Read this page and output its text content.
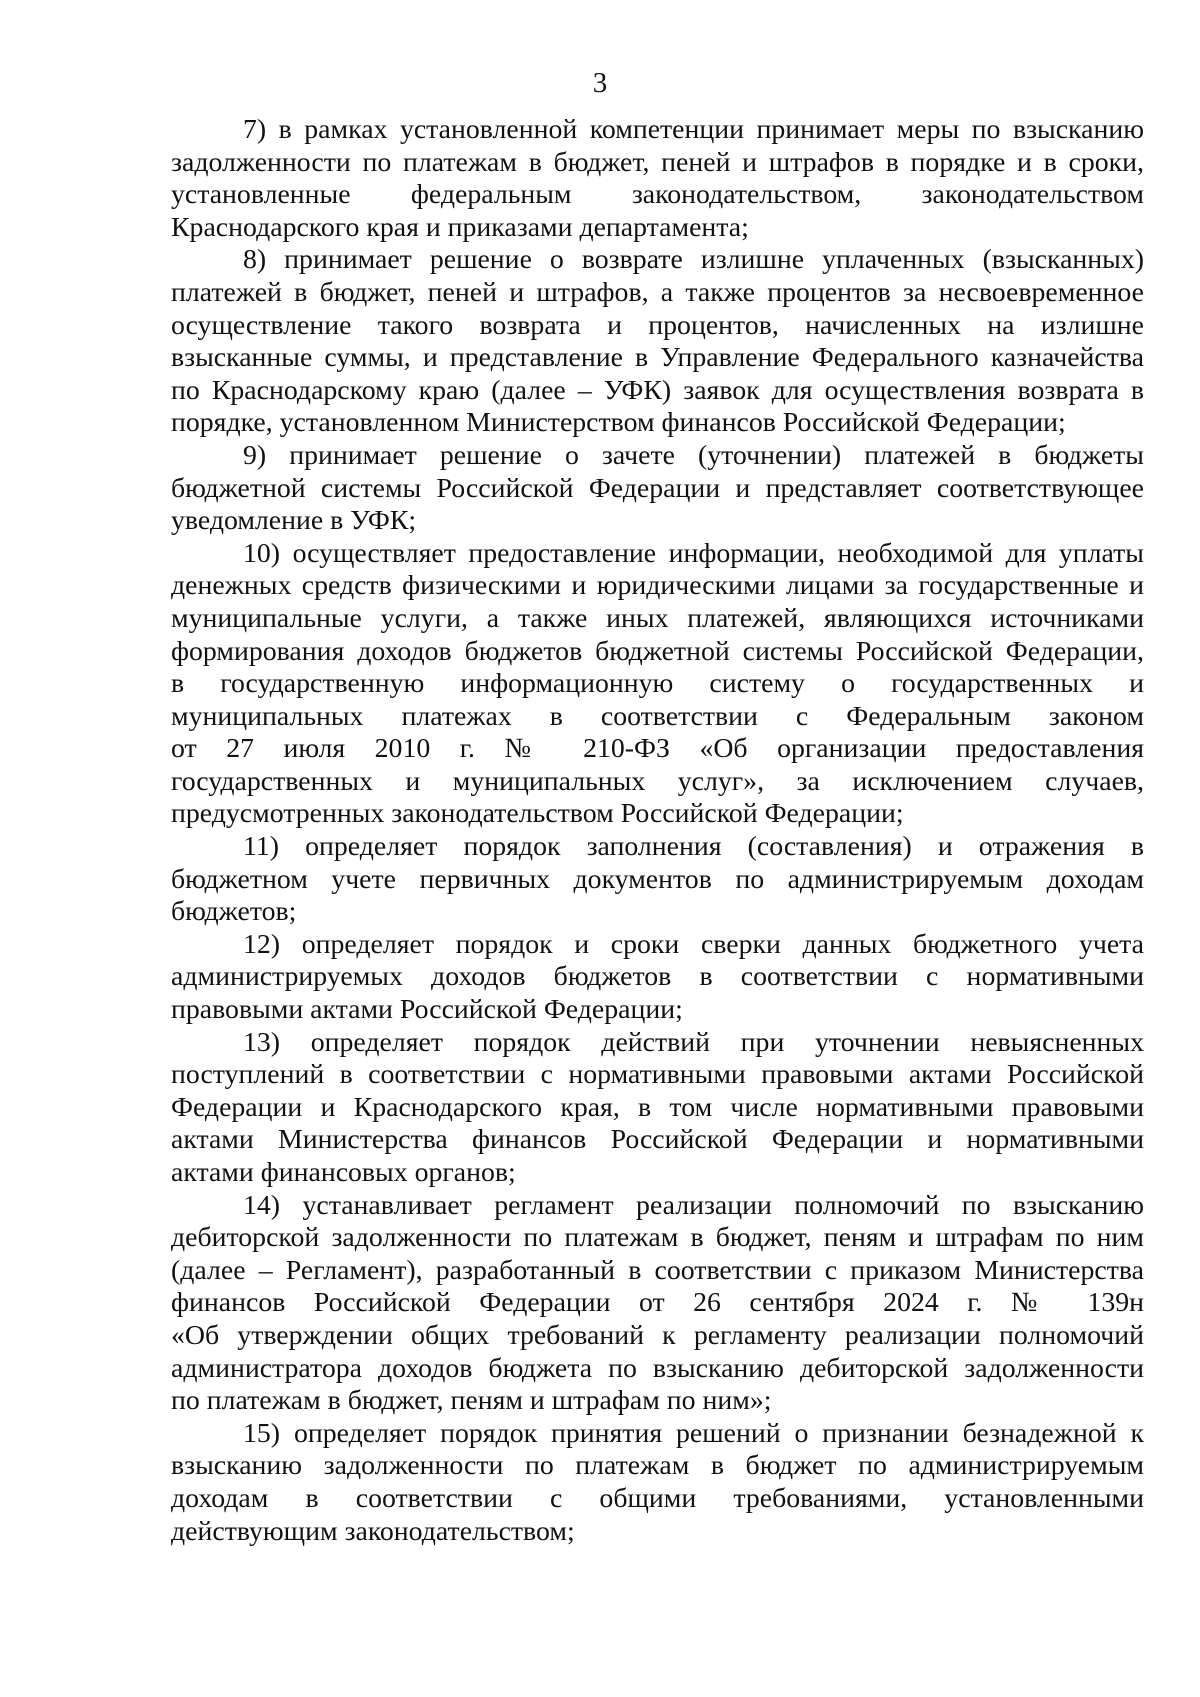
3
7) в рамках установленной компетенции принимает меры по взысканию
задолженности по платежам в бюджет, пеней и штрафов в порядке и в сроки,
установленные федеральным законодательством, законодательством
Краснодарского края и приказами департамента;
8) принимает решение о возврате излишне уплаченных (взысканных)
платежей в бюджет, пеней и штрафов, а также процентов за несвоевременное
осуществление такого возврата и процентов, начисленных на излишне
взысканные суммы, и представление в Управление Федерального казначейства
по Краснодарскому краю (далее – УФК) заявок для осуществления возврата в
порядке, установленном Министерством финансов Российской Федерации;
9) принимает решение о зачете (уточнении) платежей в бюджеты
бюджетной системы Российской Федерации и представляет соответствующее
уведомление в УФК;
10) осуществляет предоставление информации, необходимой для уплаты
денежных средств физическими и юридическими лицами за государственные и
муниципальные услуги, а также иных платежей, являющихся источниками
формирования доходов бюджетов бюджетной системы Российской Федерации,
в государственную информационную систему о государственных и
муниципальных платежах в соответствии с Федеральным законом
от 27 июля 2010 г. № 210-ФЗ «Об организации предоставления
государственных и муниципальных услуг», за исключением случаев,
предусмотренных законодательством Российской Федерации;
11) определяет порядок заполнения (составления) и отражения в
бюджетном учете первичных документов по администрируемым доходам
бюджетов;
12) определяет порядок и сроки сверки данных бюджетного учета
администрируемых доходов бюджетов в соответствии с нормативными
правовыми актами Российской Федерации;
13) определяет порядок действий при уточнении невыясненных
поступлений в соответствии с нормативными правовыми актами Российской
Федерации и Краснодарского края, в том числе нормативными правовыми
актами Министерства финансов Российской Федерации и нормативными
актами финансовых органов;
14) устанавливает регламент реализации полномочий по взысканию
дебиторской задолженности по платежам в бюджет, пеням и штрафам по ним
(далее – Регламент), разработанный в соответствии с приказом Министерства
финансов Российской Федерации от 26 сентября 2024 г. № 139н
«Об утверждении общих требований к регламенту реализации полномочий
администратора доходов бюджета по взысканию дебиторской задолженности
по платежам в бюджет, пеням и штрафам по ним»;
15) определяет порядок принятия решений о признании безнадежной к
взысканию задолженности по платежам в бюджет по администрируемым
доходам в соответствии с общими требованиями, установленными
действующим законодательством;
